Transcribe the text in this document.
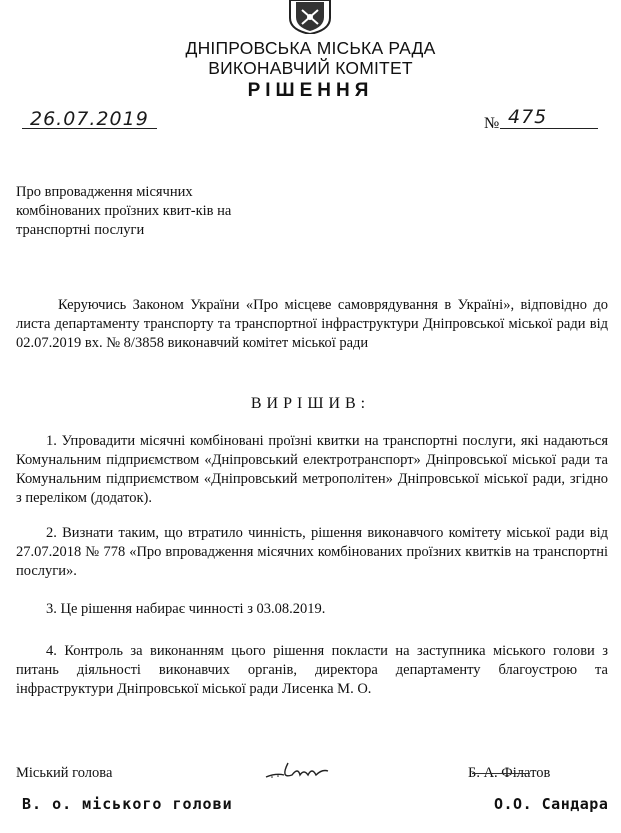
ДНІПРОВСЬКА МІСЬКА РАДА
ВИКОНАВЧИЙ КОМІТЕТ
РІШЕННЯ
26.07.2019	№ 475
Про впровадження місячних комбінованих проїзних квит-ків на транспортні послуги
Керуючись Законом України «Про місцеве самоврядування в Україні», відповідно до листа департаменту транспорту та транспортної інфраструктури Дніпровської міської ради від 02.07.2019 вх. № 8/3858 виконавчий комітет міської ради
ВИРІШИВ:
1. Упровадити місячні комбіновані проїзні квитки на транспортні послуги, які надаються Комунальним підприємством «Дніпровський електротранспорт» Дніпровської міської ради та Комунальним підприємством «Дніпровський метрополітен» Дніпровської міської ради, згідно з переліком (додаток).
2. Визнати таким, що втратило чинність, рішення виконавчого комітету міської ради від 27.07.2018 № 778 «Про впровадження місячних комбінованих проїзних квитків на транспортні послуги».
3. Це рішення набирає чинності з 03.08.2019.
4. Контроль за виконанням цього рішення покласти на заступника міського голови з питань діяльності виконавчих органів, директора департаменту благоустрою та інфраструктури Дніпровської міської ради Лисенка М. О.
Міський голова	Б. А. Філатов
В. о. міського голови	О.О. Сандара
